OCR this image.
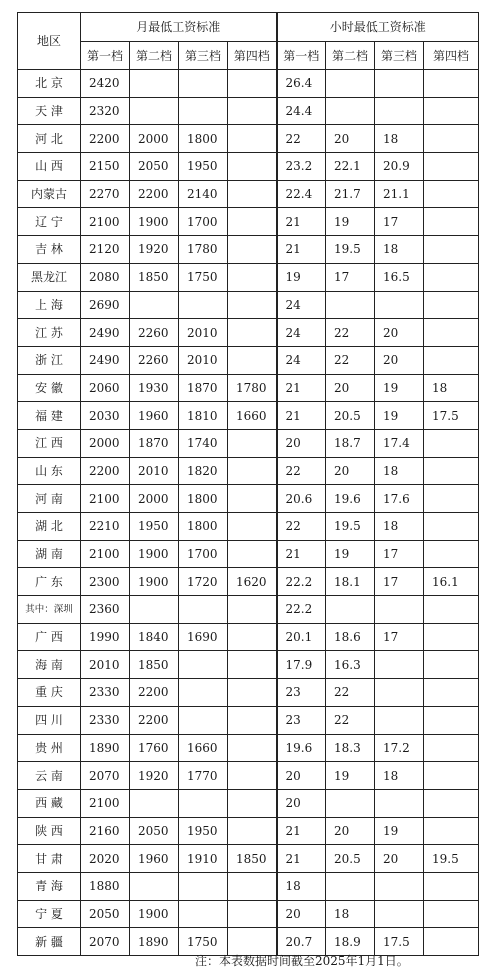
地区	月最低工资标准				小时最低工资标准			
	第一档	第二档	第三档	第四档	第一档	第二档	第三档	第四档
北 京	2420				26.4			
天 津	2320				24.4			
河 北	2200	2000	1800		22	20	18	
山 西	2150	2050	1950		23.2	22.1	20.9	
内蒙古	2270	2200	2140		22.4	21.7	21.1	
辽 宁	2100	1900	1700		21	19	17	
吉 林	2120	1920	1780		21	19.5	18	
黑龙江	2080	1850	1750		19	17	16.5	
上 海	2690				24			
江 苏	2490	2260	2010		24	22	20	
浙 江	2490	2260	2010		24	22	20	
安 徽	2060	1930	1870	1780	21	20	19	18
福 建	2030	1960	1810	1660	21	20.5	19	17.5
江 西	2000	1870	1740		20	18.7	17.4	
山 东	2200	2010	1820		22	20	18	
河 南	2100	2000	1800		20.6	19.6	17.6	
湖 北	2210	1950	1800		22	19.5	18	
湖 南	2100	1900	1700		21	19	17	
广 东	2300	1900	1720	1620	22.2	18.1	17	16.1
其中：深圳	2360				22.2			
广 西	1990	1840	1690		20.1	18.6	17	
海 南	2010	1850			17.9	16.3		
重 庆	2330	2200			23	22		
四 川	2330	2200			23	22		
贵 州	1890	1760	1660		19.6	18.3	17.2	
云 南	2070	1920	1770		20	19	18	
西 藏	2100				20			
陕 西	2160	2050	1950		21	20	19	
甘 肃	2020	1960	1910	1850	21	20.5	20	19.5
青 海	1880				18			
宁 夏	2050	1900			20	18		
新 疆	2070	1890	1750		20.7	18.9	17.5	
注：本表数据时间截至2025年1月1日。
